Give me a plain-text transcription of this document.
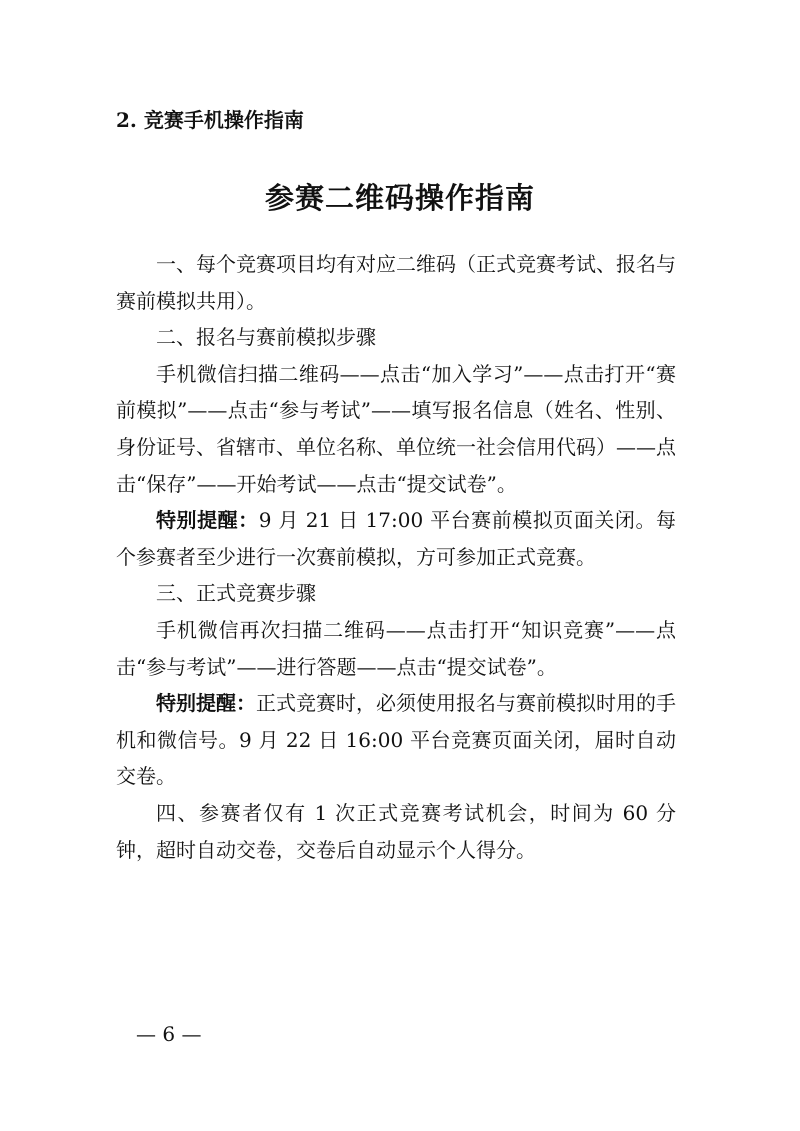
2. 竞赛手机操作指南
参赛二维码操作指南

一、每个竞赛项目均有对应二维码（正式竞赛考试、报名与赛前模拟共用）。

二、报名与赛前模拟步骤

手机微信扫描二维码——点击“加入学习”——点击打开“赛前模拟”——点击“参与考试”——填写报名信息（姓名、性别、身份证号、省辖市、单位名称、单位统一社会信用代码）——点击“保存”——开始考试——点击“提交试卷”。

特别提醒：9 月 21 日 17:00 平台赛前模拟页面关闭。每个参赛者至少进行一次赛前模拟，方可参加正式竞赛。

三、正式竞赛步骤

手机微信再次扫描二维码——点击打开“知识竞赛”——点击“参与考试”——进行答题——点击“提交试卷”。

特别提醒：正式竞赛时，必须使用报名与赛前模拟时用的手机和微信号。9 月 22 日 16:00 平台竞赛页面关闭，届时自动交卷。

四、参赛者仅有 1 次正式竞赛考试机会，时间为 60 分钟，超时自动交卷，交卷后自动显示个人得分。

— 6 —
